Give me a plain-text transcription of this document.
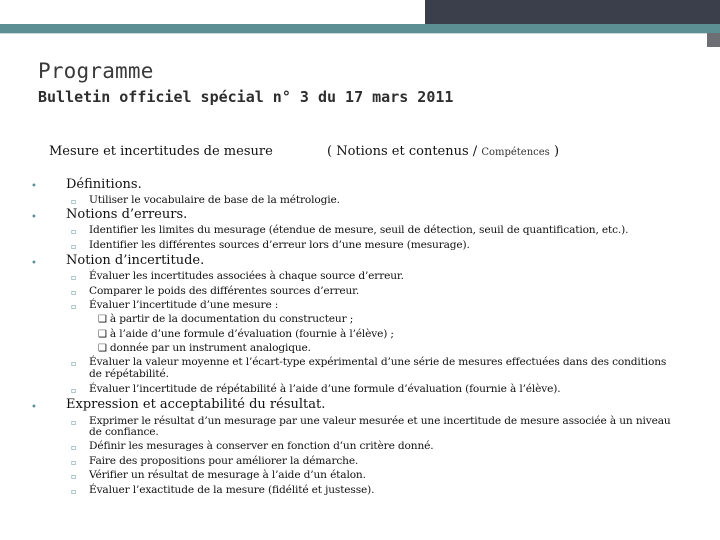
Programme
Bulletin officiel spécial n° 3 du 17 mars 2011
Mesure et incertitudes de mesure	( Notions et contenus / Compétences )
• Définitions.
▫ Utiliser le vocabulaire de base de la métrologie.
• Notions d’erreurs.
▫ Identifier les limites du mesurage (étendue de mesure, seuil de détection, seuil de quantification, etc.).
▫ Identifier les différentes sources d’erreur lors d’une mesure (mesurage).
• Notion d’incertitude.
▫ Évaluer les incertitudes associées à chaque source d’erreur.
▫ Comparer le poids des différentes sources d’erreur.
▫ Évaluer l’incertitude d’une mesure :
❑ à partir de la documentation du constructeur ;
❑ à l’aide d’une formule d’évaluation (fournie à l’élève) ;
❑ donnée par un instrument analogique.
▫ Évaluer la valeur moyenne et l’écart-type expérimental d’une série de mesures effectuées dans des conditions
de répétabilité.
▫ Évaluer l’incertitude de répétabilité à l’aide d’une formule d’évaluation (fournie à l’élève).
• Expression et acceptabilité du résultat.
▫ Exprimer le résultat d’un mesurage par une valeur mesurée et une incertitude de mesure associée à un niveau
de confiance.
▫ Définir les mesurages à conserver en fonction d’un critère donné.
▫ Faire des propositions pour améliorer la démarche.
▫ Vérifier un résultat de mesurage à l’aide d’un étalon.
▫ Évaluer l’exactitude de la mesure (fidélité et justesse).
